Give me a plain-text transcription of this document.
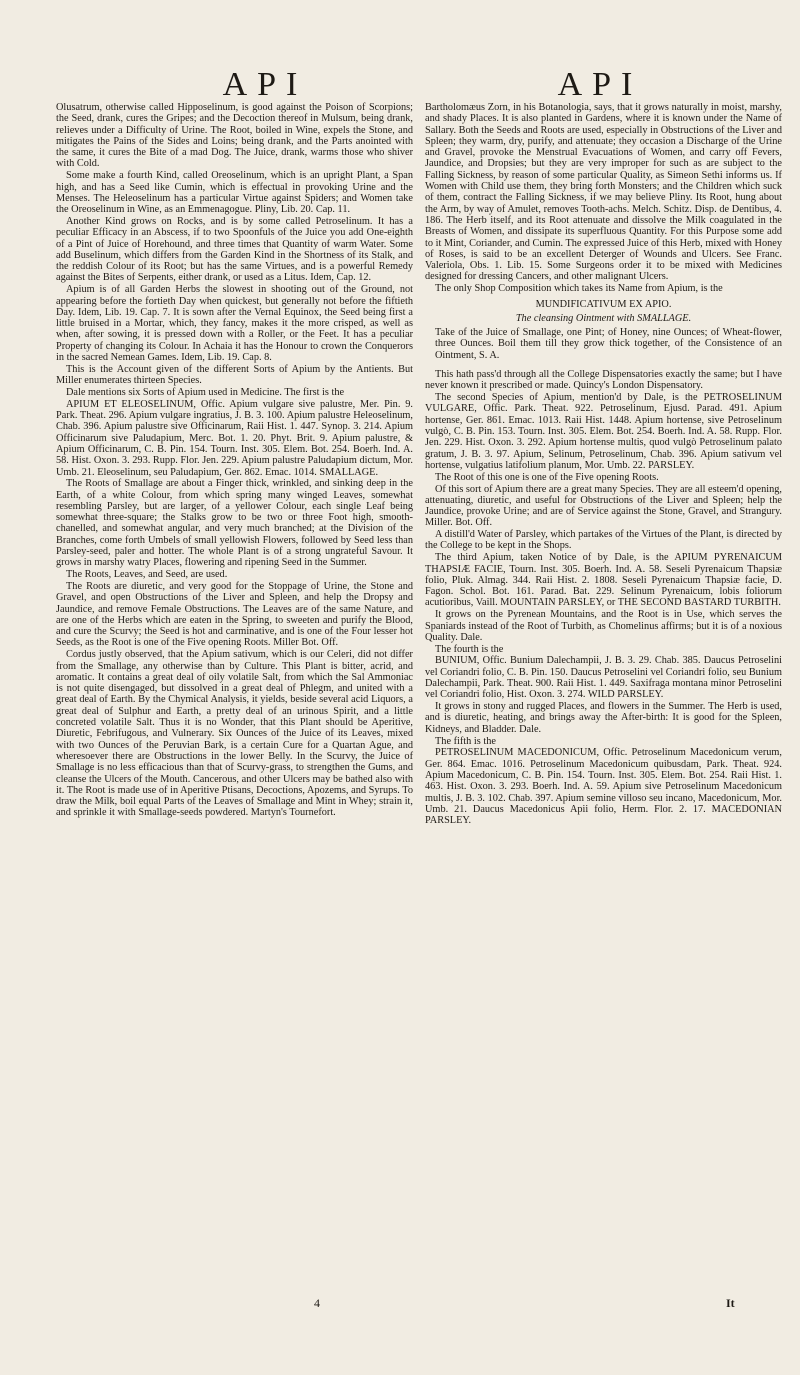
API	API

Olusatrum, otherwise called Hipposelinum, is good against the Poison of Scorpions; the Seed, drank, cures the Gripes; and the Decoction thereof in Mulsum, being drank, relieves under a Difficulty of Urine. The Root, boiled in Wine, expels the Stone, and mitigates the Pains of the Sides and Loins; being drank, and the Parts anointed with the same, it cures the Bite of a mad Dog. The Juice, drank, warms those who shiver with Cold.

Some make a fourth Kind, called Oreoselinum, which is an upright Plant, a Span high, and has a Seed like Cumin, which is effectual in provoking Urine and the Menses. The Heleoselinum has a particular Virtue against Spiders; and Women take the Oreoselinum in Wine, as an Emmenagogue. Pliny, Lib. 20. Cap. 11.

Another Kind grows on Rocks, and is by some called Petroselinum. It has a peculiar Efficacy in an Abscess, if to two Spoonfuls of the Juice you add One-eighth of a Pint of Juice of Horehound, and three times that Quantity of warm Water. Some add Buselinum, which differs from the Garden Kind in the Shortness of its Stalk, and the reddish Colour of its Root; but has the same Virtues, and is a powerful Remedy against the Bites of Serpents, either drank, or used as a Litus. Idem, Cap. 12.

Apium is of all Garden Herbs the slowest in shooting out of the Ground, not appearing before the fortieth Day when quickest, but generally not before the fiftieth Day. Idem, Lib. 19. Cap. 7. It is sown after the Vernal Equinox, the Seed being first a little bruised in a Mortar, which, they fancy, makes it the more crisped, as well as when, after sowing, it is pressed down with a Roller, or the Feet. It has a peculiar Property of changing its Colour. In Achaia it has the Honour to crown the Conquerors in the sacred Nemean Games. Idem, Lib. 19. Cap. 8.

This is the Account given of the different Sorts of Apium by the Antients. But Miller enumerates thirteen Species.

Dale mentions six Sorts of Apium used in Medicine. The first is the

APIUM ET ELEOSELINUM, Offic. Apium vulgare sive palustre, Mer. Pin. 9. Park. Theat. 296. Apium vulgare ingratius, J. B. 3. 100. Apium palustre Heleoselinum, Chab. 396. Apium palustre sive Officinarum, Raii Hist. 1. 447. Synop. 3. 214. Apium Officinarum sive Paludapium, Merc. Bot. 1. 20. Phyt. Brit. 9. Apium palustre, & Apium Officinarum, C. B. Pin. 154. Tourn. Inst. 305. Elem. Bot. 254. Boerh. Ind. A. 58. Hist. Oxon. 3. 293. Rupp. Flor. Jen. 229. Apium palustre Paludapium dictum, Mor. Umb. 21. Eleoselinum, seu Paludapium, Ger. 862. Emac. 1014. SMALLAGE.

The Roots of Smallage are about a Finger thick, wrinkled, and sinking deep in the Earth, of a white Colour, from which spring many winged Leaves, somewhat resembling Parsley, but are larger, of a yellower Colour, each single Leaf being somewhat three-square; the Stalks grow to be two or three Foot high, smooth-chanelled, and somewhat angular, and very much branched; at the Division of the Branches, come forth Umbels of small yellowish Flowers, followed by Seed less than Parsley-seed, paler and hotter. The whole Plant is of a strong ungrateful Savour. It grows in marshy watry Places, flowering and ripening Seed in the Summer.

The Roots, Leaves, and Seed, are used.

The Roots are diuretic, and very good for the Stoppage of Urine, the Stone and Gravel, and open Obstructions of the Liver and Spleen, and help the Dropsy and Jaundice, and remove Female Obstructions. The Leaves are of the same Nature, and are one of the Herbs which are eaten in the Spring, to sweeten and purify the Blood, and cure the Scurvy; the Seed is hot and carminative, and is one of the Four lesser hot Seeds, as the Root is one of the Five opening Roots. Miller Bot. Off.

Cordus justly observed, that the Apium sativum, which is our Celeri, did not differ from the Smallage, any otherwise than by Culture. This Plant is bitter, acrid, and aromatic. It contains a great deal of oily volatile Salt, from which the Sal Ammoniac is not quite disengaged, but dissolved in a great deal of Phlegm, and united with a great deal of Earth. By the Chymical Analysis, it yields, beside several acid Liquors, a great deal of Sulphur and Earth, a pretty deal of an urinous Spirit, and a little concreted volatile Salt. Thus it is no Wonder, that this Plant should be Aperitive, Diuretic, Febrifugous, and Vulnerary. Six Ounces of the Juice of its Leaves, mixed with two Ounces of the Peruvian Bark, is a certain Cure for a Quartan Ague, and wheresoever there are Obstructions in the lower Belly. In the Scurvy, the Juice of Smallage is no less efficacious than that of Scurvy-grass, to strengthen the Gums, and cleanse the Ulcers of the Mouth. Cancerous, and other Ulcers may be bathed also with it. The Root is made use of in Aperitive Ptisans, Decoctions, Apozems, and Syrups. To draw the Milk, boil equal Parts of the Leaves of Smallage and Mint in Whey; strain it, and sprinkle it with Smallage-seeds powdered. Martyn's Tournefort.

Bartholomæus Zorn, in his Botanologia, says, that it grows naturally in moist, marshy, and shady Places. It is also planted in Gardens, where it is known under the Name of Sallary. Both the Seeds and Roots are used, especially in Obstructions of the Liver and Spleen; they warm, dry, purify, and attenuate; they occasion a Discharge of the Urine and Gravel, provoke the Menstrual Evacuations of Women, and carry off Fevers, Jaundice, and Dropsies; but they are very improper for such as are subject to the Falling Sickness, by reason of some particular Quality, as Simeon Sethi informs us. If Women with Child use them, they bring forth Monsters; and the Children which suck of them, contract the Falling Sickness, if we may believe Pliny. Its Root, hung about the Arm, by way of Amulet, removes Tooth-achs. Melch. Schitz. Disp. de Dentibus, 4. 186. The Herb itself, and its Root attenuate and dissolve the Milk coagulated in the Breasts of Women, and dissipate its superfluous Quantity. For this Purpose some add to it Mint, Coriander, and Cumin. The expressed Juice of this Herb, mixed with Honey of Roses, is said to be an excellent Deterger of Wounds and Ulcers. See Franc. Valeriola, Obs. 1. Lib. 15. Some Surgeons order it to be mixed with Medicines designed for dressing Cancers, and other malignant Ulcers.

The only Shop Composition which takes its Name from Apium, is the

MUNDIFICATIVUM EX APIO.

The cleansing Ointment with SMALLAGE.

Take of the Juice of Smallage, one Pint; of Honey, nine Ounces; of Wheat-flower, three Ounces. Boil them till they grow thick together, of the Consistence of an Ointment, S. A.

This hath pass'd through all the College Dispensatories exactly the same; but I have never known it prescribed or made. Quincy's London Dispensatory.

The second Species of Apium, mention'd by Dale, is the PETROSELINUM VULGARE, Offic. Park. Theat. 922. Petroselinum, Ejusd. Parad. 491. Apium hortense, Ger. 861. Emac. 1013. Raii Hist. 1448. Apium hortense, sive Petroselinum vulgò, C. B. Pin. 153. Tourn. Inst. 305. Elem. Bot. 254. Boerh. Ind. A. 58. Rupp. Flor. Jen. 229. Hist. Oxon. 3. 292. Apium hortense multis, quod vulgò Petroselinum palato gratum, J. B. 3. 97. Apium, Selinum, Petroselinum, Chab. 396. Apium sativum vel hortense, vulgatius latifolium planum, Mor. Umb. 22. PARSLEY.

The Root of this one is one of the Five opening Roots.

Of this sort of Apium there are a great many Species. They are all esteem'd opening, attenuating, diuretic, and useful for Obstructions of the Liver and Spleen; help the Jaundice, provoke Urine; and are of Service against the Stone, Gravel, and Strangury. Miller. Bot. Off.

A distill'd Water of Parsley, which partakes of the Virtues of the Plant, is directed by the College to be kept in the Shops.

The third Apium, taken Notice of by Dale, is the APIUM PYRENAICUM THAPSIÆ FACIE, Tourn. Inst. 305. Boerh. Ind. A. 58. Seseli Pyrenaicum Thapsiæ folio, Pluk. Almag. 344. Raii Hist. 2. 1808. Seseli Pyrenaicum Thapsiæ facie, D. Fagon. Schol. Bot. 161. Parad. Bat. 229. Selinum Pyrenaicum, lobis foliorum acutioribus, Vaill. MOUNTAIN PARSLEY, or THE SECOND BASTARD TURBITH.

It grows on the Pyrenean Mountains, and the Root is in Use, which serves the Spaniards instead of the Root of Turbith, as Chomelinus affirms; but it is of a noxious Quality. Dale.

The fourth is the

BUNIUM, Offic. Bunium Dalechampii, J. B. 3. 29. Chab. 385. Daucus Petroselini vel Coriandri folio, C. B. Pin. 150. Daucus Petroselini vel Coriandri folio, seu Bunium Dalechampii, Park. Theat. 900. Raii Hist. 1. 449. Saxifraga montana minor Petroselini vel Coriandri folio, Hist. Oxon. 3. 274. WILD PARSLEY.

It grows in stony and rugged Places, and flowers in the Summer. The Herb is used, and is diuretic, heating, and brings away the After-birth: It is good for the Spleen, Kidneys, and Bladder. Dale.

The fifth is the

PETROSELINUM MACEDONICUM, Offic. Petroselinum Macedonicum verum, Ger. 864. Emac. 1016. Petroselinum Macedonicum quibusdam, Park. Theat. 924. Apium Macedonicum, C. B. Pin. 154. Tourn. Inst. 305. Elem. Bot. 254. Raii Hist. 1. 463. Hist. Oxon. 3. 293. Boerh. Ind. A. 59. Apium sive Petroselinum Macedonicum multis, J. B. 3. 102. Chab. 397. Apium semine villoso seu incano, Macedonicum, Mor. Umb. 21. Daucus Macedonicus Apii folio, Herm. Flor. 2. 17. MACEDONIAN PARSLEY.

4	It
